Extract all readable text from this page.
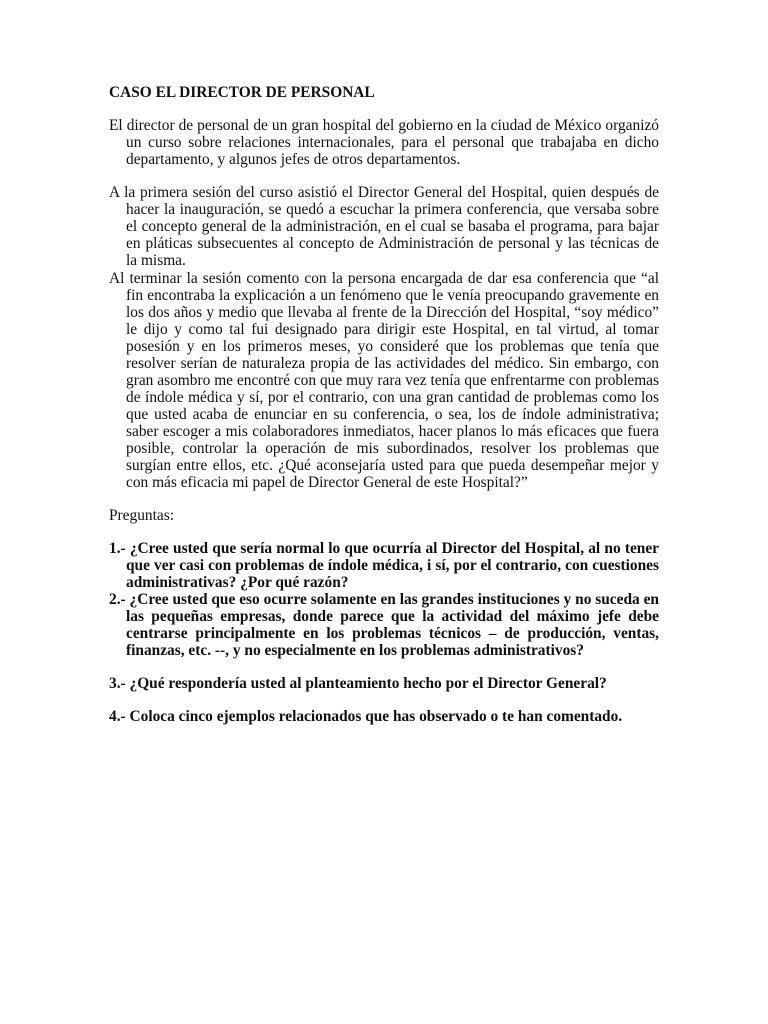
CASO EL DIRECTOR DE PERSONAL

El director de personal de un gran hospital del gobierno en la ciudad de México organizó un curso sobre relaciones internacionales, para el personal que trabajaba en dicho departamento, y algunos jefes de otros departamentos.

A la primera sesión del curso asistió el Director General del Hospital, quien después de hacer la inauguración, se quedó a escuchar la primera conferencia, que versaba sobre el concepto general de la administración, en el cual se basaba el programa, para bajar en pláticas subsecuentes al concepto de Administración de personal y las técnicas de la misma.

Al terminar la sesión comento con la persona encargada de dar esa conferencia que “al fin encontraba la explicación a un fenómeno que le venía preocupando gravemente en los dos años y medio que llevaba al frente de la Dirección del Hospital, “soy médico” le dijo y como tal fui designado para dirigir este Hospital, en tal virtud, al tomar posesión y en los primeros meses, yo consideré que los problemas que tenía que resolver serían de naturaleza propia de las actividades del médico. Sin embargo, con gran asombro me encontré con que muy rara vez tenía que enfrentarme con problemas de índole médica y sí, por el contrario, con una gran cantidad de problemas como los que usted acaba de enunciar en su conferencia, o sea, los de índole administrativa; saber escoger a mis colaboradores inmediatos, hacer planos lo más eficaces que fuera posible, controlar la operación de mis subordinados, resolver los problemas que surgían entre ellos, etc. ¿Qué aconsejaría usted para que pueda desempeñar mejor y con más eficacia mi papel de Director General de este Hospital?”

Preguntas:

1.- ¿Cree usted que sería normal lo que ocurría al Director del Hospital, al no tener que ver casi con problemas de índole médica, i sí, por el contrario, con cuestiones administrativas? ¿Por qué razón?

2.- ¿Cree usted que eso ocurre solamente en las grandes instituciones y no suceda en las pequeñas empresas, donde parece que la actividad del máximo jefe debe centrarse principalmente en los problemas técnicos – de producción, ventas, finanzas, etc. --, y no especialmente en los problemas administrativos?

3.- ¿Qué respondería usted al planteamiento hecho por el Director General?

4.- Coloca cinco ejemplos relacionados que has observado o te han comentado.
